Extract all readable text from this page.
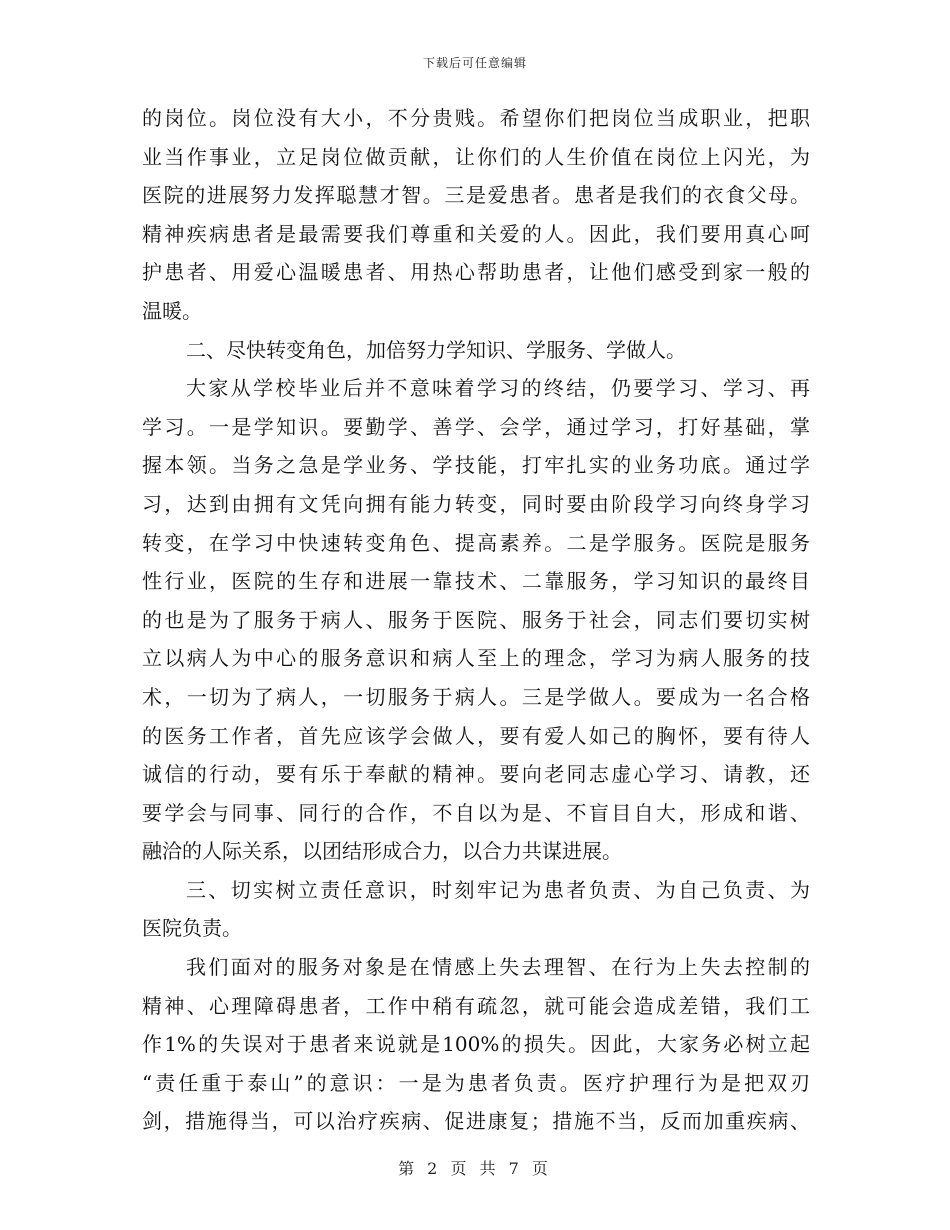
下载后可任意编辑
的岗位。岗位没有大小，不分贵贱。希望你们把岗位当成职业，把职
业当作事业，立足岗位做贡献，让你们的人生价值在岗位上闪光，为
医院的进展努力发挥聪慧才智。三是爱患者。患者是我们的衣食父母。
精神疾病患者是最需要我们尊重和关爱的人。因此，我们要用真心呵
护患者、用爱心温暖患者、用热心帮助患者，让他们感受到家一般的
温暖。
二、尽快转变角色，加倍努力学知识、学服务、学做人。
大家从学校毕业后并不意味着学习的终结，仍要学习、学习、再
学习。一是学知识。要勤学、善学、会学，通过学习，打好基础，掌
握本领。当务之急是学业务、学技能，打牢扎实的业务功底。通过学
习，达到由拥有文凭向拥有能力转变，同时要由阶段学习向终身学习
转变，在学习中快速转变角色、提高素养。二是学服务。医院是服务
性行业，医院的生存和进展一靠技术、二靠服务，学习知识的最终目
的也是为了服务于病人、服务于医院、服务于社会，同志们要切实树
立以病人为中心的服务意识和病人至上的理念，学习为病人服务的技
术，一切为了病人，一切服务于病人。三是学做人。要成为一名合格
的医务工作者，首先应该学会做人，要有爱人如己的胸怀，要有待人
诚信的行动，要有乐于奉献的精神。要向老同志虚心学习、请教，还
要学会与同事、同行的合作，不自以为是、不盲目自大，形成和谐、
融洽的人际关系，以团结形成合力，以合力共谋进展。
三、切实树立责任意识，时刻牢记为患者负责、为自己负责、为
医院负责。
我们面对的服务对象是在情感上失去理智、在行为上失去控制的
精神、心理障碍患者，工作中稍有疏忽，就可能会造成差错，我们工
作1%的失误对于患者来说就是100%的损失。因此，大家务必树立起
“责任重于泰山”的意识：一是为患者负责。医疗护理行为是把双刃
剑，措施得当，可以治疗疾病、促进康复；措施不当，反而加重疾病、
第 2 页 共 7 页
